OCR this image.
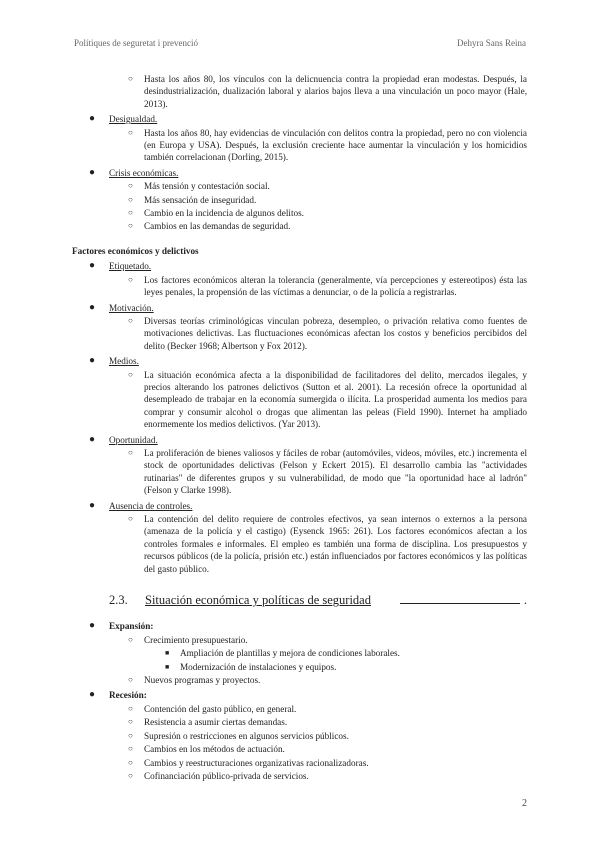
Polítiques de seguretat i prevenció	Dehyra Sans Reina
○ Hasta los años 80, los vínculos con la delicnuencia contra la propiedad eran modestas. Después, la desindustrialización, dualización laboral y alarios bajos lleva a una vinculación un poco mayor (Hale, 2013).
● Desigualdad.
○ Hasta los años 80, hay evidencias de vinculación con delitos contra la propiedad, pero no con violencia (en Europa y USA). Después, la exclusión creciente hace aumentar la vinculación y los homicidios también correlacionan (Dorling, 2015).
● Crisis económicas.
○ Más tensión y contestación social.
○ Más sensación de inseguridad.
○ Cambio en la incidencia de algunos delitos.
○ Cambios en las demandas de seguridad.
Factores económicos y delictivos
● Etiquetado.
○ Los factores económicos alteran la tolerancia (generalmente, vía percepciones y estereotipos) ésta las leyes penales, la propensión de las víctimas a denunciar, o de la policía a registrarlas.
● Motivación.
○ Diversas teorías criminológicas vinculan pobreza, desempleo, o privación relativa como fuentes de motivaciones delictivas. Las fluctuaciones económicas afectan los costos y beneficios percibidos del delito (Becker 1968; Albertson y Fox 2012).
● Medios.
○ La situación económica afecta a la disponibilidad de facilitadores del delito, mercados ilegales, y precios alterando los patrones delictivos (Sutton et al. 2001). La recesión ofrece la oportunidad al desempleado de trabajar en la economía sumergida o ilícita. La prosperidad aumenta los medios para comprar y consumir alcohol o drogas que alimentan las peleas (Field 1990). Internet ha ampliado enormemente los medios delictivos. (Yar 2013).
● Oportunidad.
○ La proliferación de bienes valiosos y fáciles de robar (automóviles, videos, móviles, etc.) incrementa el stock de oportunidades delictivas (Felson y Eckert 2015). El desarrollo cambia las "actividades rutinarias" de diferentes grupos y su vulnerabilidad, de modo que "la oportunidad hace al ladrón" (Felson y Clarke 1998).
● Ausencia de controles.
○ La contención del delito requiere de controles efectivos, ya sean internos o externos a la persona (amenaza de la policía y el castigo) (Eysenck 1965: 261). Los factores económicos afectan a los controles formales e informales. El empleo es también una forma de disciplina. Los presupuestos y recursos públicos (de la policía, prisión etc.) están influenciados por factores económicos y las políticas del gasto público.
2.3.	Situación económica y políticas de seguridad	.
● Expansión:
○ Crecimiento presupuestario.
■ Ampliación de plantillas y mejora de condiciones laborales.
■ Modernización de instalaciones y equipos.
○ Nuevos programas y proyectos.
● Recesión:
○ Contención del gasto público, en general.
○ Resistencia a asumir ciertas demandas.
○ Supresión o restricciones en algunos servicios públicos.
○ Cambios en los métodos de actuación.
○ Cambios y reestructuraciones organizativas racionalizadoras.
○ Cofinanciación público-privada de servicios.
2
